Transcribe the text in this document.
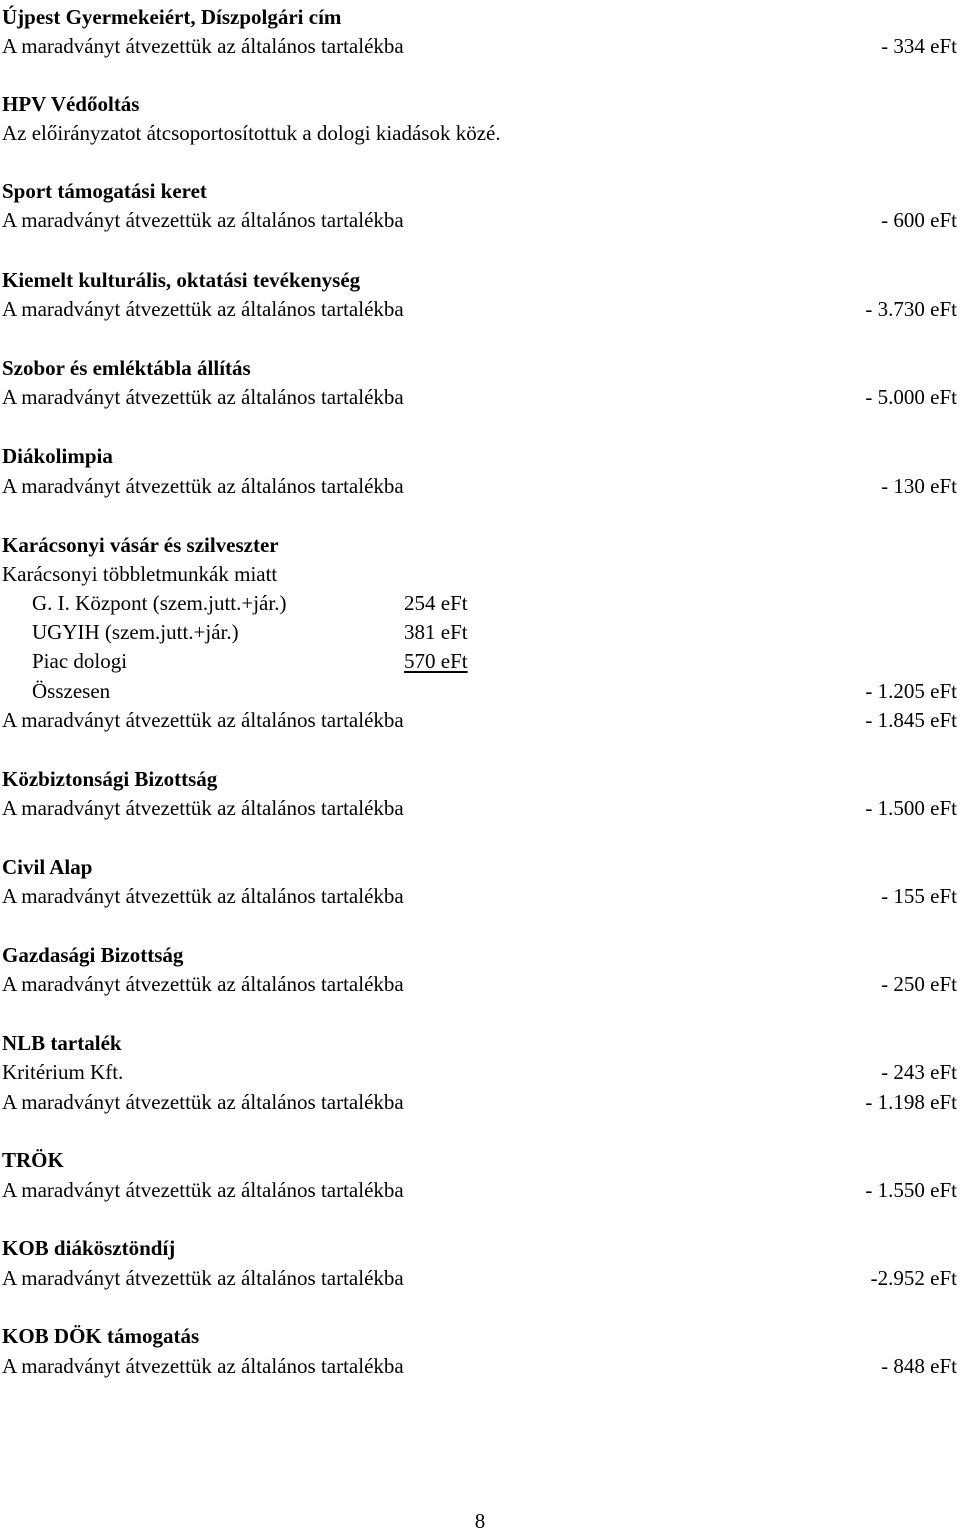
Újpest Gyermekeiért, Díszpolgári cím
A maradványt átvezettük az általános tartalékba	- 334 eFt
HPV Védőoltás
Az előirányzatot átcsoportosítottuk a dologi kiadások közé.
Sport támogatási keret
A maradványt átvezettük az általános tartalékba	- 600 eFt
Kiemelt kulturális, oktatási tevékenység
A maradványt átvezettük az általános tartalékba	- 3.730 eFt
Szobor és emléktábla állítás
A maradványt átvezettük az általános tartalékba	- 5.000 eFt
Diákolimpia
A maradványt átvezettük az általános tartalékba	- 130 eFt
Karácsonyi vásár és szilveszter
Karácsonyi többletmunkák miatt
G. I. Központ (szem.jutt.+jár.)	254 eFt
UGYIH (szem.jutt.+jár.)	381 eFt
Piac dologi	570 eFt
Összesen	- 1.205 eFt
A maradványt átvezettük az általános tartalékba	- 1.845 eFt
Közbiztonsági Bizottság
A maradványt átvezettük az általános tartalékba	- 1.500 eFt
Civil Alap
A maradványt átvezettük az általános tartalékba	- 155 eFt
Gazdasági Bizottság
A maradványt átvezettük az általános tartalékba	- 250 eFt
NLB tartalék
Kritérium Kft.	- 243 eFt
A maradványt átvezettük az általános tartalékba	- 1.198 eFt
TRÖK
A maradványt átvezettük az általános tartalékba	- 1.550 eFt
KOB diákösztöndíj
A maradványt átvezettük az általános tartalékba	-2.952 eFt
KOB DÖK támogatás
A maradványt átvezettük az általános tartalékba	- 848 eFt
8
